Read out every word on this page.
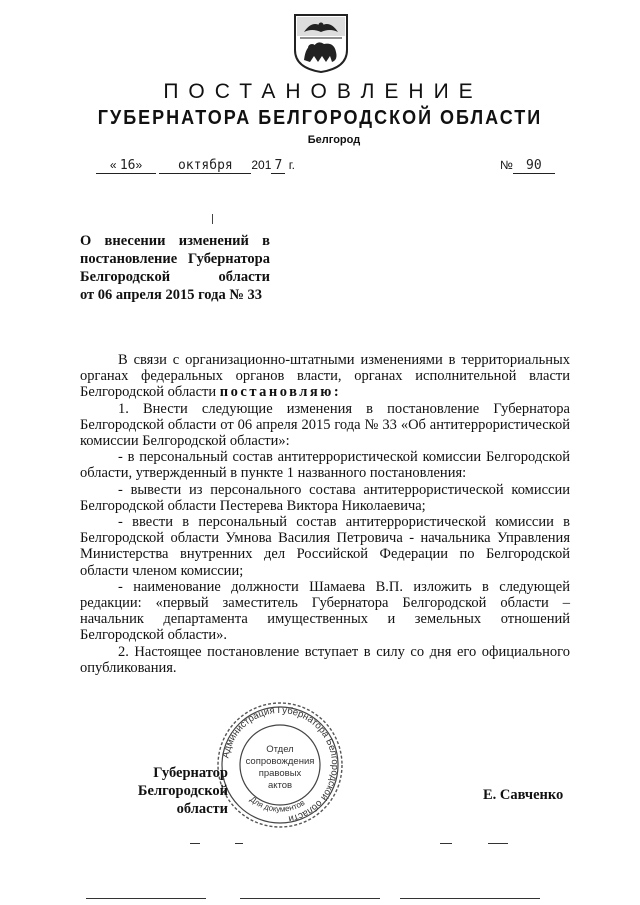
ПОСТАНОВЛЕНИЕ
ГУБЕРНАТОРА БЕЛГОРОДСКОЙ ОБЛАСТИ
Белгород
« 16»	октября 201 7 г.	№ 90

О внесении изменений в

постановление Губернатора

Белгородской области

от 06 апреля 2015 года № 33

В связи с организационно-штатными изменениями в территориальных органах федеральных органов власти, органах исполнительной власти Белгородской области постановляю:

1. Внести следующие изменения в постановление Губернатора Белгородской области от 06 апреля 2015 года № 33 «Об антитеррористической комиссии Белгородской области»:

- в персональный состав антитеррористической комиссии Белгородской области, утвержденный в пункте 1 названного постановления:

- вывести из персонального состава антитеррористической комиссии Белгородской области Пестерева Виктора Николаевича;

- ввести в персональный состав антитеррористической комиссии в Белгородской области Умнова Василия Петровича - начальника Управления Министерства внутренних дел Российской Федерации по Белгородской области членом комиссии;

- наименование должности Шамаева В.П. изложить в следующей редакции: «первый заместитель Губернатора Белгородской области – начальник департамента имущественных и земельных отношений Белгородской области».

2. Настоящее постановление вступает в силу со дня его официального опубликования.

Администрация Губернатора Белгородской области
Для документов
Отдел
сопровождения
правовых
актов
Губернатор
Белгородской области
Е. Савченко
